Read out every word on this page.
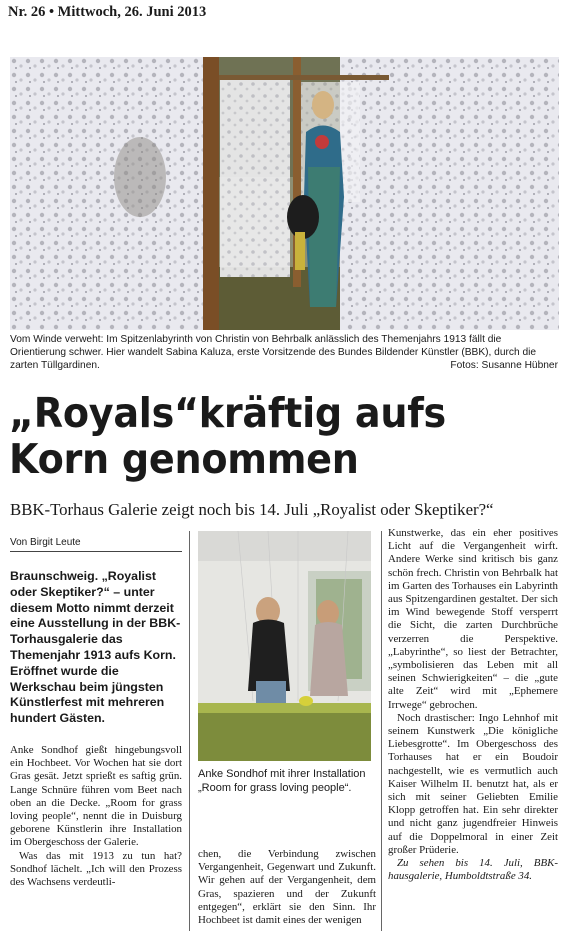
Nr. 26 • Mittwoch, 26. Juni 2013
Vom Winde verweht: Im Spitzenlabyrinth von Christin von Behrbalk anlässlich des Themenjahrs 1913 fällt die Orientierung schwer. Hier wandelt Sabina Kaluza, erste Vorsitzende des Bundes Bildender Künstler (BBK), durch die zarten Tüllgardinen.	Fotos: Susanne Hübner
„Royals“kräftig aufs
Korn genommen
BBK-Torhaus Galerie zeigt noch bis 14. Juli „Royalist oder Skeptiker?“
Von Birgit Leute
Braunschweig. „Royalist oder Skeptiker?“ – unter diesem Motto nimmt derzeit eine Ausstellung in der BBK-Torhausgalerie das Themenjahr 1913 aufs Korn. Eröffnet wurde die Werkschau beim jüngsten Künstlerfest mit mehreren hundert Gästen.

Anke Sondhof gießt hingebungsvoll ein Hochbeet. Vor Wochen hat sie dort Gras gesät. Jetzt sprießt es saftig grün. Lange Schnüre führen vom Beet nach oben an die Decke. „Room for grass loving people“, nennt die in Duisburg geborene Künstlerin ihre Installation im Obergeschoss der Galerie.

Was das mit 1913 zu tun hat? Sondhof lächelt. „Ich will den Prozess des Wachsens verdeutli-

Anke Sondhof mit ihrer Installation „Room for grass loving people“.

chen, die Verbindung zwischen Vergangenheit, Gegenwart und Zukunft. Wir gehen auf der Vergangenheit, dem Gras, spazieren und der Zukunft entgegen“, erklärt sie den Sinn. Ihr Hochbeet ist damit eines der wenigen

Kunstwerke, das ein eher positives Licht auf die Vergangenheit wirft. Andere Werke sind kritisch bis ganz schön frech. Christin von Behrbalk hat im Garten des Torhauses ein Labyrinth aus Spitzengardinen gestaltet. Der sich im Wind bewegende Stoff versperrt die Sicht, die zarten Durchbrüche verzerren die Perspektive. „Labyrinthe“, so liest der Betrachter, „symbolisieren das Leben mit all seinen Schwierigkeiten“ – die „gute alte Zeit“ wird mit „Ephemere Irrwege“ gebrochen.

Noch drastischer: Ingo Lehnhof mit seinem Kunstwerk „Die königliche Liebesgrotte“. Im Obergeschoss des Torhauses hat er ein Boudoir nachgestellt, wie es vermutlich auch Kaiser Wilhelm II. benutzt hat, als er sich mit seiner Geliebten Emilie Klopp getroffen hat. Ein sehr direkter und nicht ganz jugendfreier Hinweis auf die Doppelmoral in einer Zeit großer Prüderie.

Zu sehen bis 14. Juli, BBK-hausgalerie, Humboldtstraße 34.
